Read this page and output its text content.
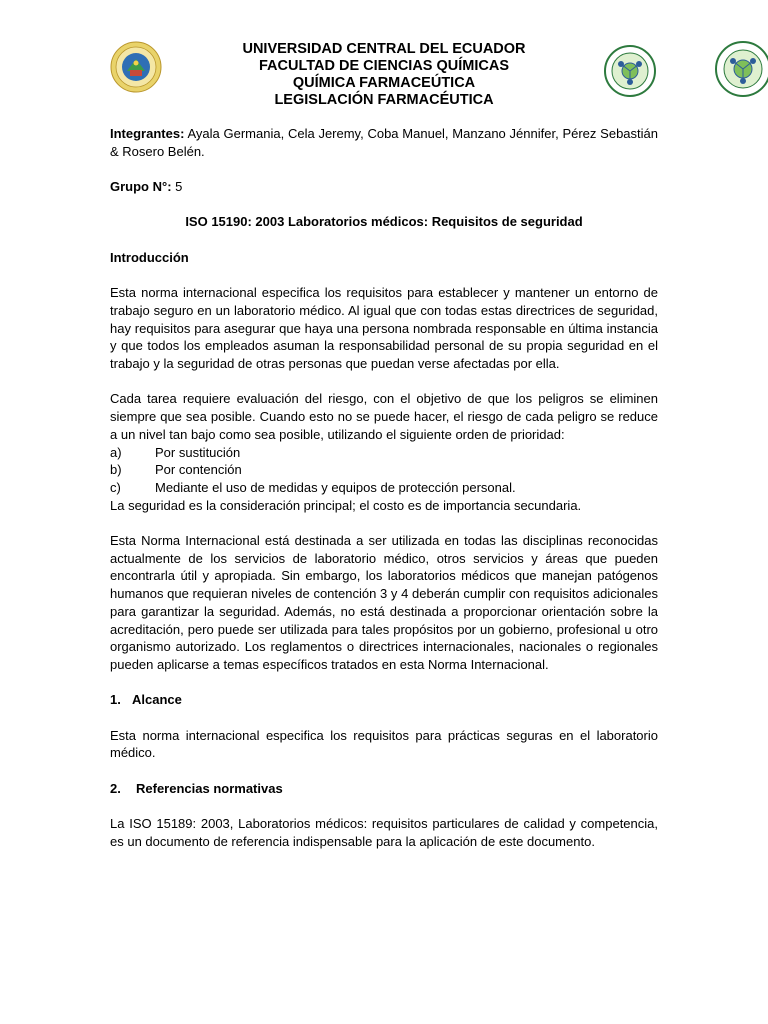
UNIVERSIDAD CENTRAL DEL ECUADOR
FACULTAD DE CIENCIAS QUÍMICAS
QUÍMICA FARMACEÚTICA
LEGISLACIÓN FARMACÉUTICA

Integrantes: Ayala Germania, Cela Jeremy, Coba Manuel, Manzano Jénnifer, Pérez Sebastián & Rosero Belén.

Grupo N°: 5

ISO 15190: 2003 Laboratorios médicos: Requisitos de seguridad
Introducción

Esta norma internacional especifica los requisitos para establecer y mantener un entorno de trabajo seguro en un laboratorio médico. Al igual que con todas estas directrices de seguridad, hay requisitos para asegurar que haya una persona nombrada responsable en última instancia y que todos los empleados asuman la responsabilidad personal de su propia seguridad en el trabajo y la seguridad de otras personas que puedan verse afectadas por ella.

Cada tarea requiere evaluación del riesgo, con el objetivo de que los peligros se eliminen siempre que sea posible. Cuando esto no se puede hacer, el riesgo de cada peligro se reduce a un nivel tan bajo como sea posible, utilizando el siguiente orden de prioridad:

a)	Por sustitución
b)	Por contención
c)	Mediante el uso de medidas y equipos de protección personal.

La seguridad es la consideración principal; el costo es de importancia secundaria.

Esta Norma Internacional está destinada a ser utilizada en todas las disciplinas reconocidas actualmente de los servicios de laboratorio médico, otros servicios y áreas que pueden encontrarla útil y apropiada. Sin embargo, los laboratorios médicos que manejan patógenos humanos que requieran niveles de contención 3 y 4 deberán cumplir con requisitos adicionales para garantizar la seguridad. Además, no está destinada a proporcionar orientación sobre la acreditación, pero puede ser utilizada para tales propósitos por un gobierno, profesional u otro organismo autorizado. Los reglamentos o directrices internacionales, nacionales o regionales pueden aplicarse a temas específicos tratados en esta Norma Internacional.

1. Alcance

Esta norma internacional especifica los requisitos para prácticas seguras en el laboratorio médico.

2.	Referencias normativas

La ISO 15189: 2003, Laboratorios médicos: requisitos particulares de calidad y competencia, es un documento de referencia indispensable para la aplicación de este documento.
